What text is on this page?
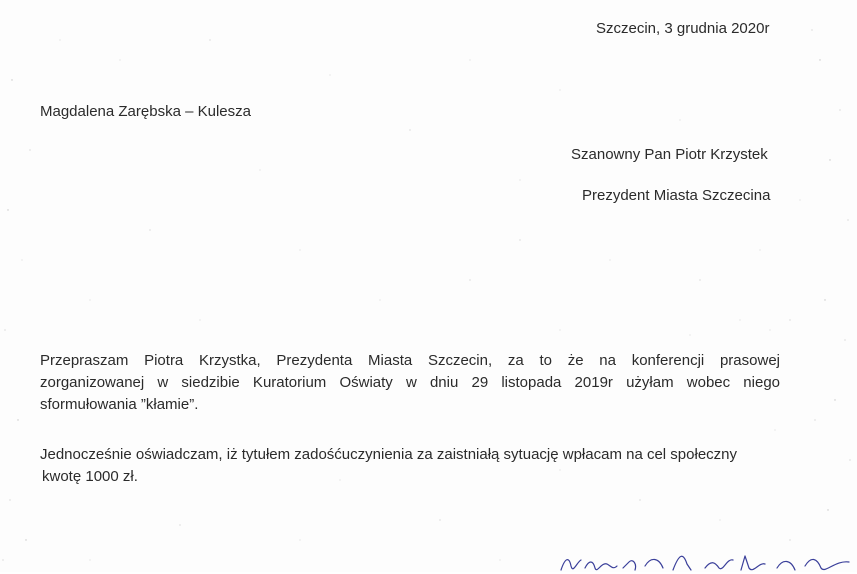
Szczecin, 3 grudnia 2020r
Magdalena Zarębska – Kulesza
Szanowny Pan Piotr Krzystek
Prezydent Miasta Szczecina
Przepraszam Piotra Krzystka, Prezydenta Miasta Szczecin, za to że na konferencji prasowej
zorganizowanej w siedzibie Kuratorium Oświaty w dniu 29 listopada 2019r użyłam wobec niego
sformułowania ”kłamie”.
Jednocześnie oświadczam, iż tytułem zadośćuczynienia za zaistniałą sytuację wpłacam na cel społeczny
kwotę 1000 zł.
